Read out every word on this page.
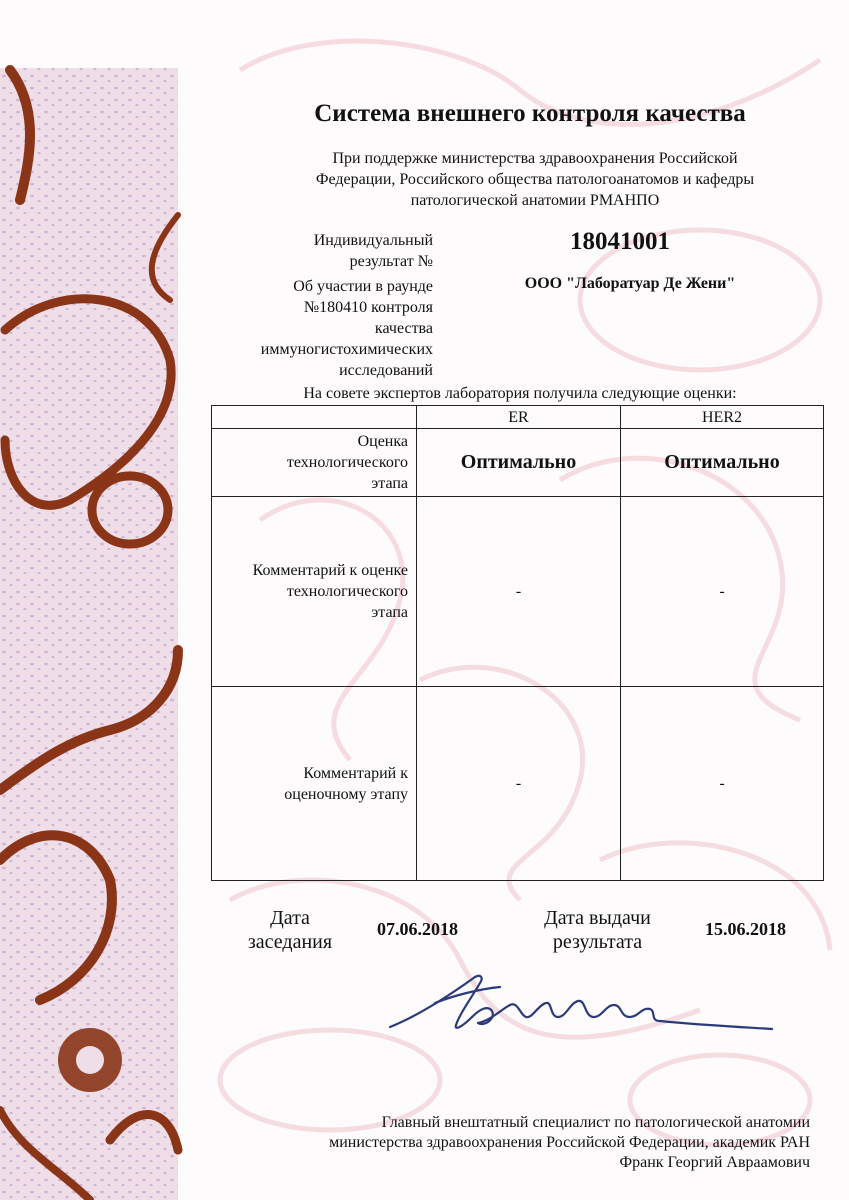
Система внешнего контроля качества
При поддержке министерства здравоохранения Российской
Федерации, Российского общества патологоанатомов и кафедры
патологической анатомии РМАНПО
Индивидуальный
результат №
Об участии в раунде
№180410 контроля
качества
иммуногистохимических
исследований
18041001
ООО "Лаборатуар Де Жени"
На совете экспертов лаборатория получила следующие оценки:
	ER	HER2

Оценка
технологического
этапа	Оптимально	Оптимально

Комментарий к оценке
технологического
этапа	-	-

Комментарий к
оценочному этапу	-	-
Дата
заседания
07.06.2018	Дата выдачи
результата
15.06.2018
Главный внештатный специалист по патологической анатомии
министерства здравоохранения Российской Федерации, академик РАН
Франк Георгий Авраамович
